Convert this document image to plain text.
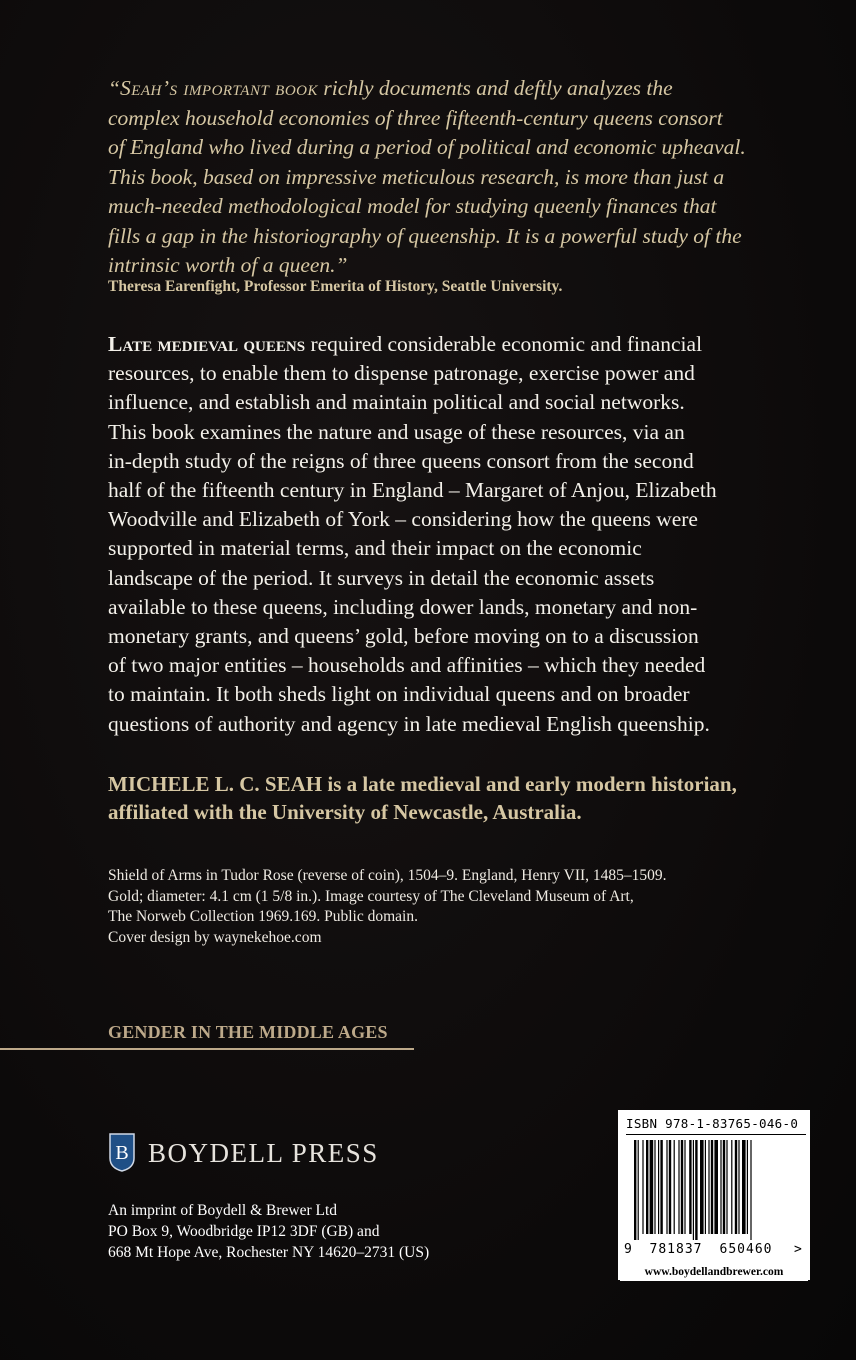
“Seah’s important book richly documents and deftly analyzes the
complex household economies of three fifteenth-century queens consort
of England who lived during a period of political and economic upheaval.
This book, based on impressive meticulous research, is more than just a
much-needed methodological model for studying queenly finances that
fills a gap in the historiography of queenship. It is a powerful study of the
intrinsic worth of a queen.”
Theresa Earenfight, Professor Emerita of History, Seattle University.
Late medieval queens required considerable economic and financial
resources, to enable them to dispense patronage, exercise power and
influence, and establish and maintain political and social networks.
This book examines the nature and usage of these resources, via an
in-depth study of the reigns of three queens consort from the second
half of the fifteenth century in England – Margaret of Anjou, Elizabeth
Woodville and Elizabeth of York – considering how the queens were
supported in material terms, and their impact on the economic
landscape of the period. It surveys in detail the economic assets
available to these queens, including dower lands, monetary and non-
monetary grants, and queens’ gold, before moving on to a discussion
of two major entities – households and affinities – which they needed
to maintain. It both sheds light on individual queens and on broader
questions of authority and agency in late medieval English queenship.
MICHELE L. C. SEAH is a late medieval and early modern historian,
affiliated with the University of Newcastle, Australia.
Shield of Arms in Tudor Rose (reverse of coin), 1504–9. England, Henry VII, 1485–1509.
Gold; diameter: 4.1 cm (1 5/8 in.). Image courtesy of The Cleveland Museum of Art,
The Norweb Collection 1969.169. Public domain.
Cover design by waynekehoe.com
GENDER IN THE MIDDLE AGES
B BOYDELL PRESS
An imprint of Boydell & Brewer Ltd
PO Box 9, Woodbridge IP12 3DF (GB) and
668 Mt Hope Ave, Rochester NY 14620–2731 (US)
ISBN 978-1-83765-046-0
9 781837 650460 >
www.boydellandbrewer.com
